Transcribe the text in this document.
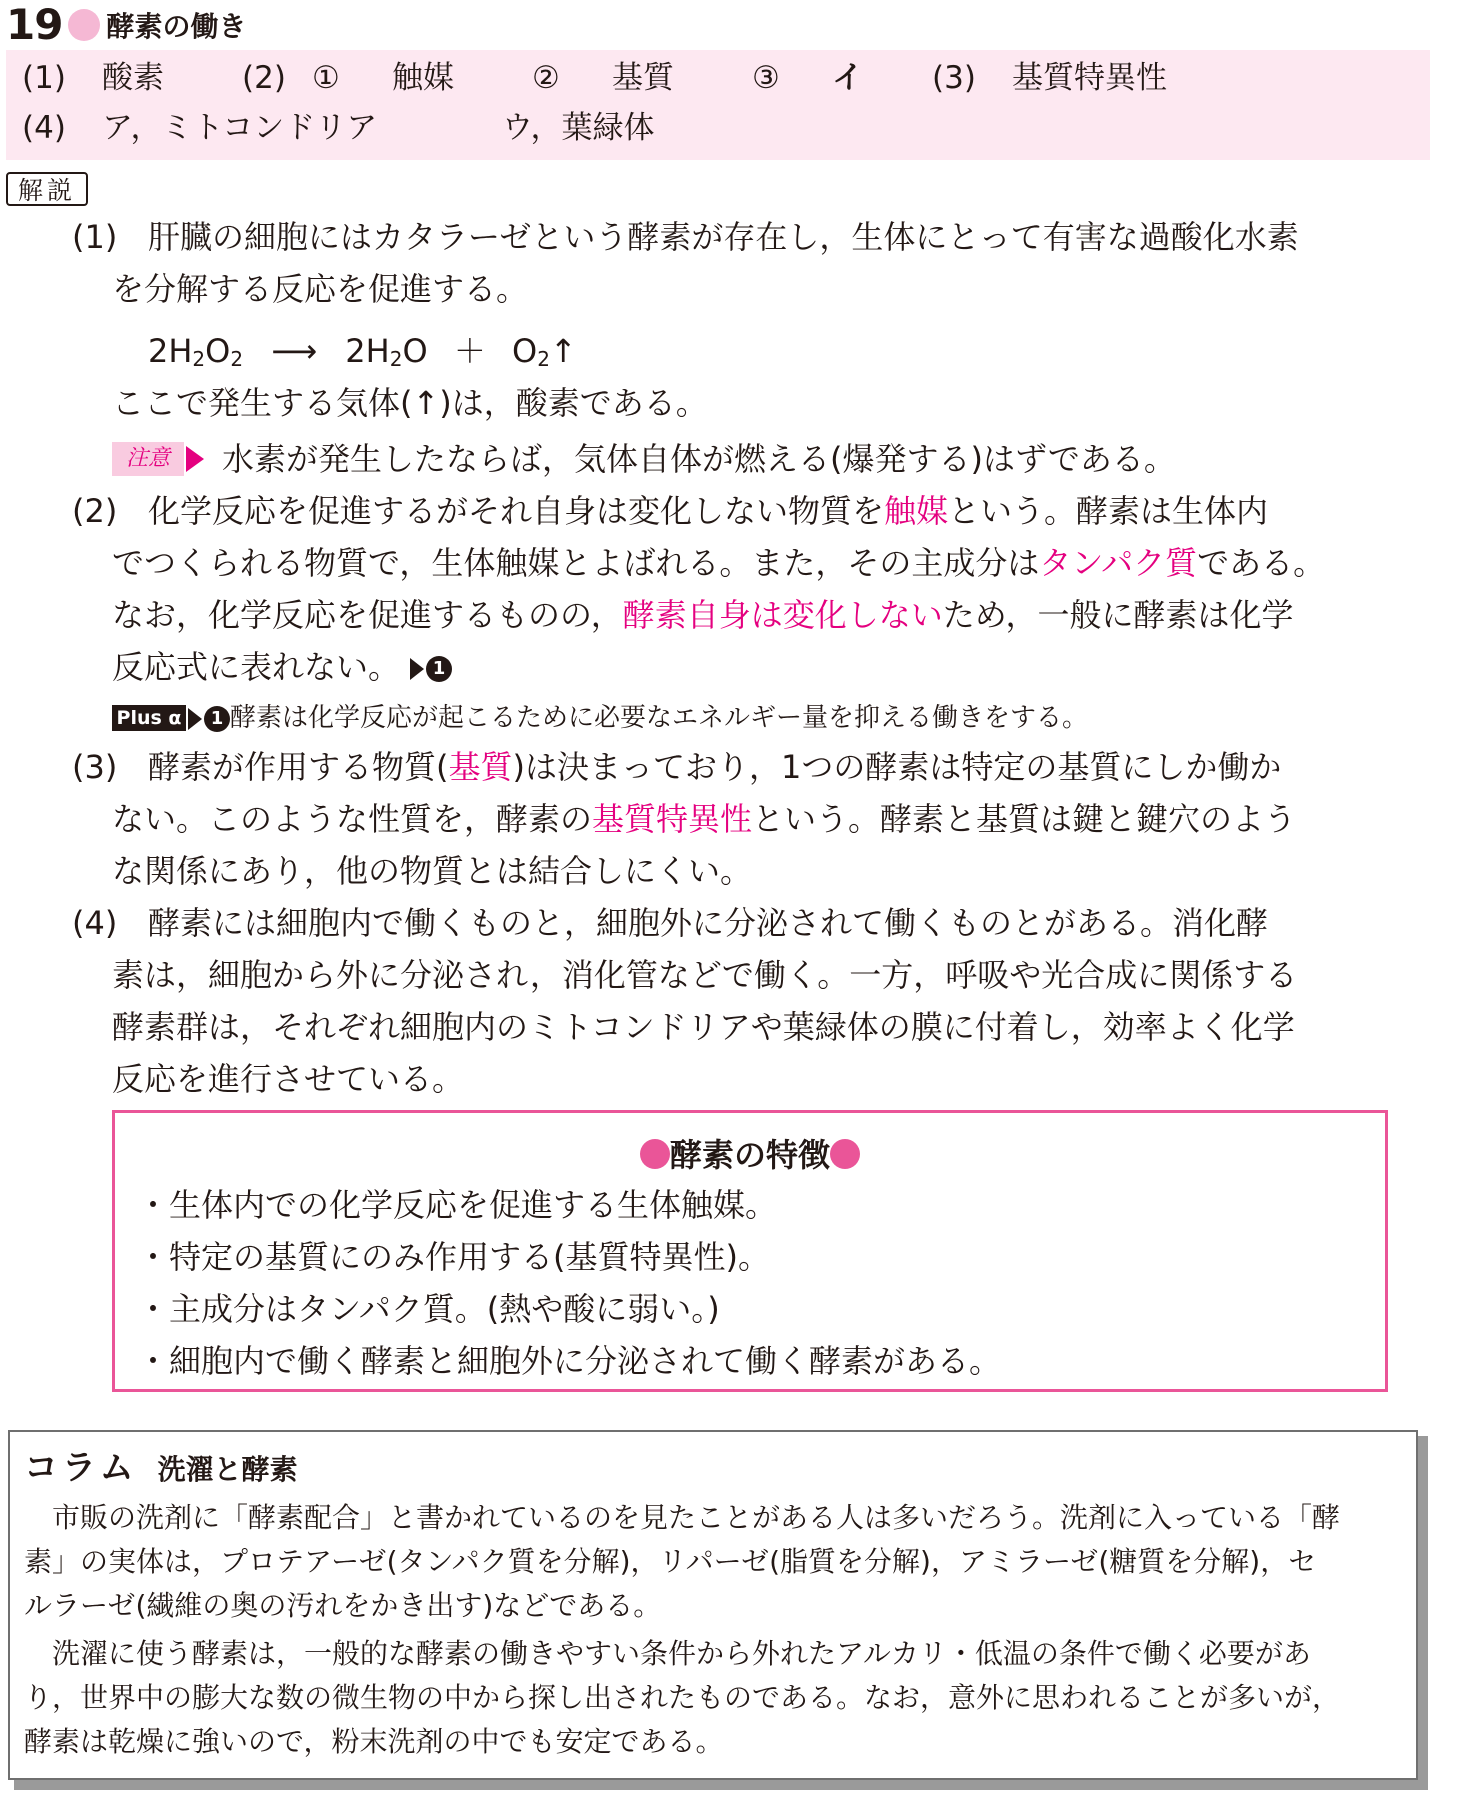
19 酵素の働き
(1) 酸素	(2) ① 触媒	② 基質	③ イ (3) 基質特異性
(4) ア，ミトコンドリア	ウ，葉緑体
解説
(1) 肝臓の細胞にはカタラーゼという酵素が存在し，生体にとって有害な過酸化水素
を分解する反応を促進する。
$2H_2O_2$ ⟶ $2H_2O$ ＋ $O_2↑$
ここで発生する気体(↑)は，酸素である。
注意	水素が発生したならば，気体自体が燃える(爆発する)はずである。
(2) 化学反応を促進するがそれ自身は変化しない物質を触媒という。酵素は生体内
でつくられる物質で，生体触媒とよばれる。また，その主成分はタンパク質である。
なお，化学反応を促進するものの，酵素自身は変化しないため，一般に酵素は化学
反応式に表れない。 1
Plus α	1 酵素は化学反応が起こるために必要なエネルギー量を抑える働きをする。
(3) 酵素が作用する物質(基質)は決まっており，1つの酵素は特定の基質にしか働か
ない。このような性質を，酵素の基質特異性という。酵素と基質は鍵と鍵穴のよう
な関係にあり，他の物質とは結合しにくい。
(4) 酵素には細胞内で働くものと，細胞外に分泌されて働くものとがある。消化酵
素は，細胞から外に分泌され，消化管などで働く。一方，呼吸や光合成に関係する
酵素群は，それぞれ細胞内のミトコンドリアや葉緑体の膜に付着し，効率よく化学
反応を進行させている。
酵素の特徴
・生体内での化学反応を促進する生体触媒。
・特定の基質にのみ作用する(基質特異性)。
・主成分はタンパク質。(熱や酸に弱い。)
・細胞内で働く酵素と細胞外に分泌されて働く酵素がある。
コラム 洗濯と酵素
　市販の洗剤に「酵素配合」と書かれているのを見たことがある人は多いだろう。洗剤に入っている「酵
素」の実体は，プロテアーゼ(タンパク質を分解)，リパーゼ(脂質を分解)，アミラーゼ(糖質を分解)，セ
ルラーゼ(繊維の奥の汚れをかき出す)などである。
　洗濯に使う酵素は，一般的な酵素の働きやすい条件から外れたアルカリ・低温の条件で働く必要があ
り，世界中の膨大な数の微生物の中から探し出されたものである。なお，意外に思われることが多いが，
酵素は乾燥に強いので，粉末洗剤の中でも安定である。
